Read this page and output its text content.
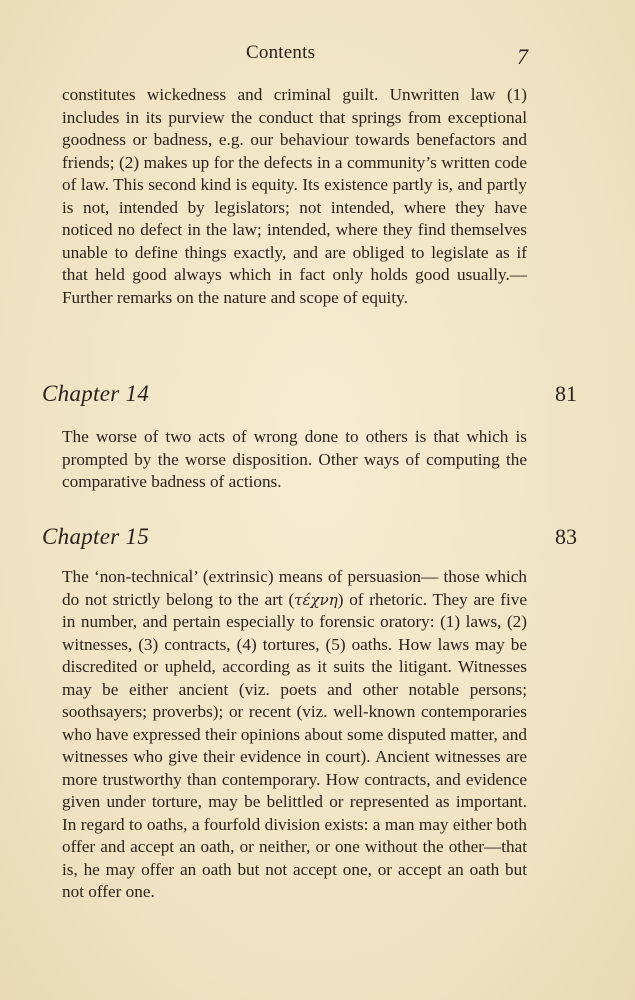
Contents	7

constitutes wickedness and criminal guilt. Unwritten law (1) includes in its purview the conduct that springs from exceptional goodness or badness, e.g. our behaviour towards benefactors and friends; (2) makes up for the defects in a community’s written code of law. This second kind is equity. Its existence partly is, and partly is not, intended by legislators; not intended, where they have noticed no defect in the law; intended, where they find themselves unable to define things exactly, and are obliged to legislate as if that held good always which in fact only holds good usually.—Further remarks on the nature and scope of equity.

Chapter 14	81

The worse of two acts of wrong done to others is that which is prompted by the worse disposition. Other ways of computing the comparative badness of actions.

Chapter 15	83

The ‘non-technical’ (extrinsic) means of persuasion— those which do not strictly belong to the art (τέχνη) of rhetoric. They are five in number, and pertain especially to forensic oratory: (1) laws, (2) witnesses, (3) contracts, (4) tortures, (5) oaths. How laws may be discredited or upheld, according as it suits the litigant. Witnesses may be either ancient (viz. poets and other notable persons; soothsayers; proverbs); or recent (viz. well-known contemporaries who have expressed their opinions about some disputed matter, and witnesses who give their evidence in court). Ancient witnesses are more trustworthy than contemporary. How contracts, and evidence given under torture, may be belittled or represented as important. In regard to oaths, a fourfold division exists: a man may either both offer and accept an oath, or neither, or one without the other—that is, he may offer an oath but not accept one, or accept an oath but not offer one.
